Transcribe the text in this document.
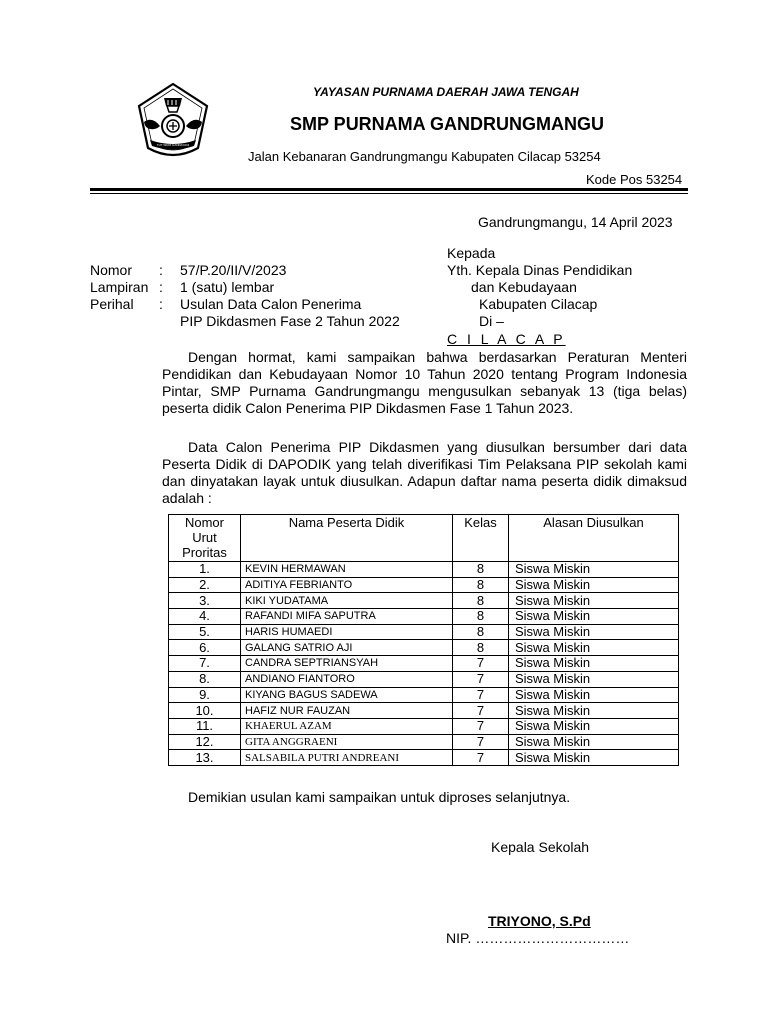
TUT WURI HANDAYANI
YAYASAN PURNAMA DAERAH JAWA TENGAH
SMP PURNAMA GANDRUNGMANGU
Jalan Kebanaran Gandrungmangu Kabupaten Cilacap 53254
Kode Pos 53254
Gandrungmangu, 14 April 2023
Kepada
Yth. Kepala Dinas Pendidikan
dan Kebudayaan
Kabupaten Cilacap
Di –
C I L A C A P
Nomor : 57/P.20/II/V/2023
Lampiran : 1 (satu) lembar
Perihal : Usulan Data Calon Penerima
PIP Dikdasmen Fase 2 Tahun 2022
Dengan hormat, kami sampaikan bahwa berdasarkan Peraturan Menteri Pendidikan dan Kebudayaan Nomor 10 Tahun 2020 tentang Program Indonesia Pintar, SMP Purnama Gandrungmangu mengusulkan sebanyak 13 (tiga belas) peserta didik Calon Penerima PIP Dikdasmen Fase 1 Tahun 2023.
Data Calon Penerima PIP Dikdasmen yang diusulkan bersumber dari data Peserta Didik di DAPODIK yang telah diverifikasi Tim Pelaksana PIP sekolah kami dan dinyatakan layak untuk diusulkan. Adapun daftar nama peserta didik dimaksud adalah :
Nomor
Urut
Proritas	Nama Peserta Didik	Kelas	Alasan Diusulkan
1.	KEVIN HERMAWAN	8	Siswa Miskin
2.	ADITIYA FEBRIANTO	8	Siswa Miskin
3.	KIKI YUDATAMA	8	Siswa Miskin
4.	RAFANDI MIFA SAPUTRA	8	Siswa Miskin
5.	HARIS HUMAEDI	8	Siswa Miskin
6.	GALANG SATRIO AJI	8	Siswa Miskin
7.	CANDRA SEPTRIANSYAH	7	Siswa Miskin
8.	ANDIANO FIANTORO	7	Siswa Miskin
9.	KIYANG BAGUS SADEWA	7	Siswa Miskin
10.	HAFIZ NUR FAUZAN	7	Siswa Miskin
11.	KHAERUL AZAM	7	Siswa Miskin
12.	GITA ANGGRAENI	7	Siswa Miskin
13.	SALSABILA PUTRI ANDREANI	7	Siswa Miskin
Demikian usulan kami sampaikan untuk diproses selanjutnya.
Kepala Sekolah
TRIYONO, S.Pd
NIP. ……………………………
